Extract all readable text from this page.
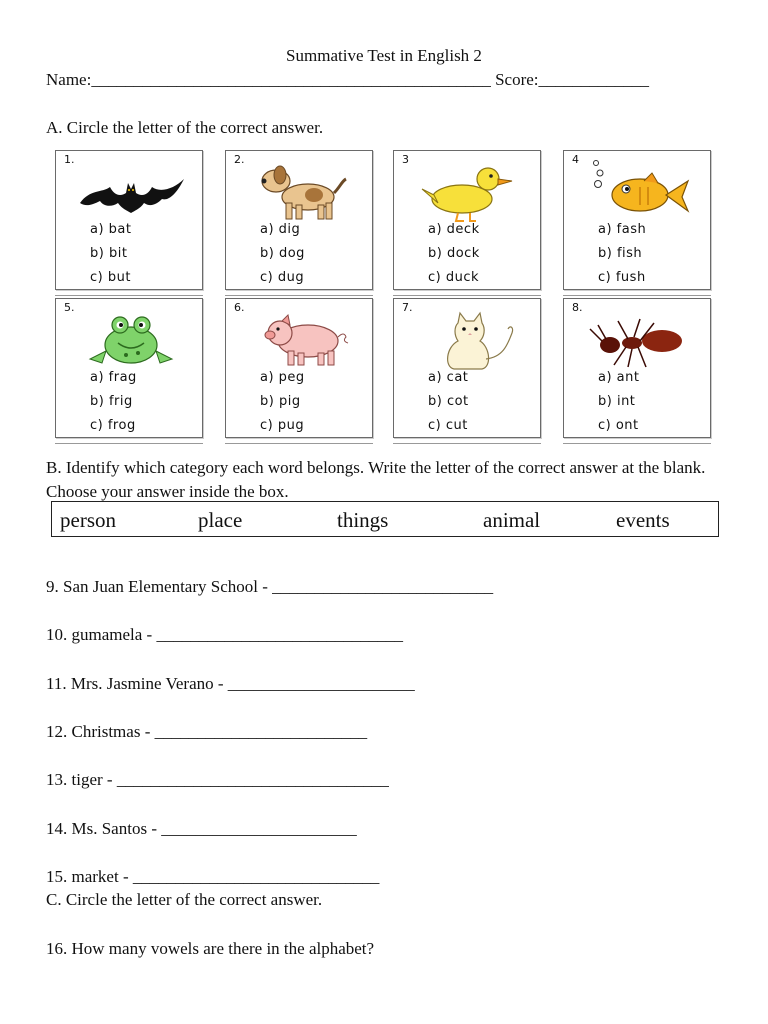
Summative Test in English 2
Name:_______________________________________________ Score:_____________
A. Circle the letter of the correct answer.
1.
a) bat
b) bit
c) but
2.
a) dig
b) dog
c) dug
3
a) deck
b) dock
c) duck
4
a) fash
b) fish
c) fush
5.
a) frag
b) frig
c) frog
6.
a) peg
b) pig
c) pug
7.
a) cat
b) cot
c) cut
8.
a) ant
b) int
c) ont
B. Identify which category each word belongs. Write the letter of the correct answer at the blank. Choose your answer inside the box.
person	place	things	animal	events
9. San Juan Elementary School - __________________________
10. gumamela - _____________________________
11. Mrs. Jasmine Verano - ______________________
12. Christmas - _________________________
13. tiger - ________________________________
14. Ms. Santos - _______________________
15. market - _____________________________
C. Circle the letter of the correct answer.
16. How many vowels are there in the alphabet?
